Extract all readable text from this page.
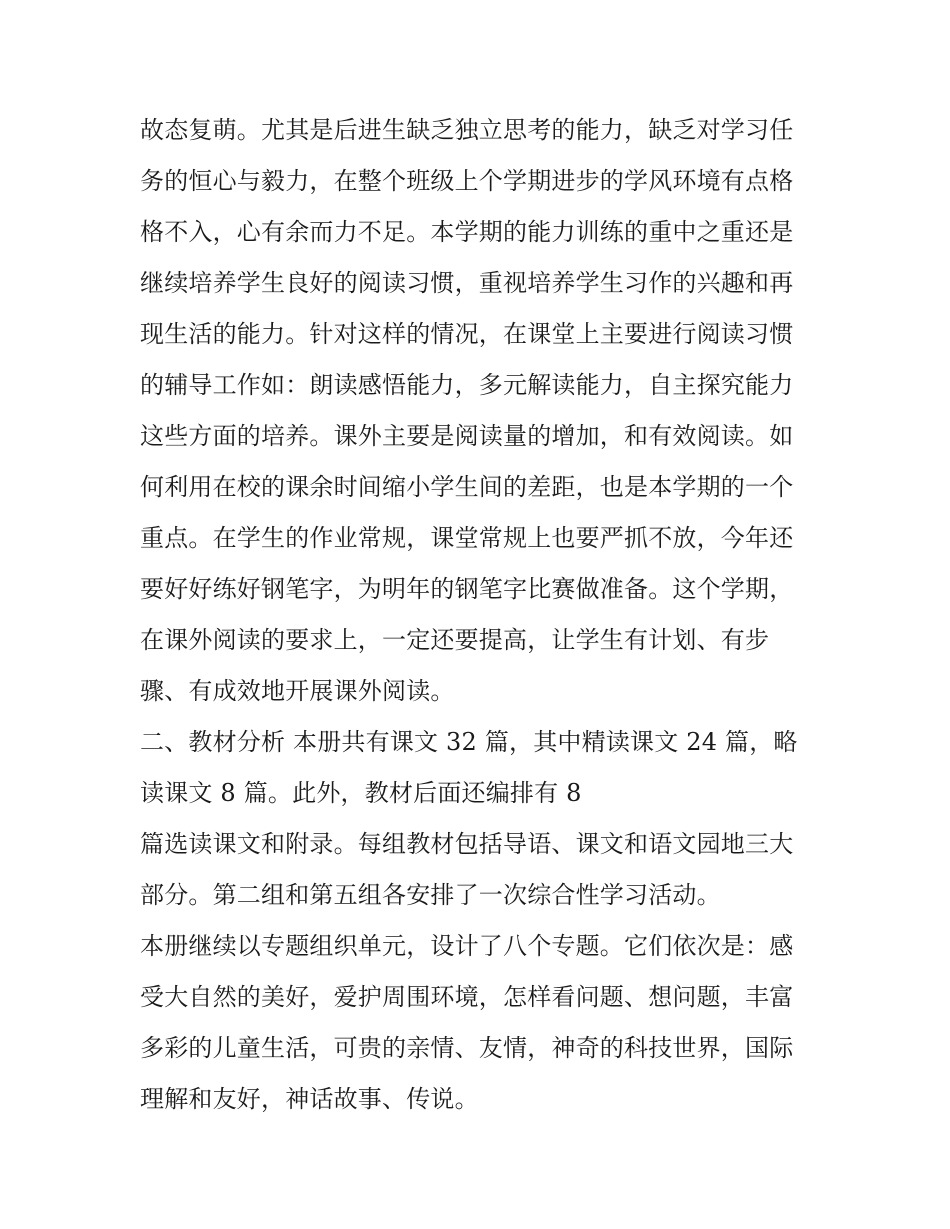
故态复萌。尤其是后进生缺乏独立思考的能力，缺乏对学习任
务的恒心与毅力，在整个班级上个学期进步的学风环境有点格
格不入，心有余而力不足。本学期的能力训练的重中之重还是
继续培养学生良好的阅读习惯，重视培养学生习作的兴趣和再
现生活的能力。针对这样的情况，在课堂上主要进行阅读习惯
的辅导工作如：朗读感悟能力，多元解读能力，自主探究能力
这些方面的培养。课外主要是阅读量的增加，和有效阅读。如
何利用在校的课余时间缩小学生间的差距，也是本学期的一个
重点。在学生的作业常规，课堂常规上也要严抓不放，今年还
要好好练好钢笔字，为明年的钢笔字比赛做准备。这个学期，
在课外阅读的要求上，一定还要提高，让学生有计划、有步
骤、有成效地开展课外阅读。
二、教材分析 本册共有课文 32 篇，其中精读课文 24 篇，略
读课文 8 篇。此外，教材后面还编排有 8
篇选读课文和附录。每组教材包括导语、课文和语文园地三大
部分。第二组和第五组各安排了一次综合性学习活动。
本册继续以专题组织单元，设计了八个专题。它们依次是：感
受大自然的美好，爱护周围环境，怎样看问题、想问题，丰富
多彩的儿童生活，可贵的亲情、友情，神奇的科技世界，国际
理解和友好，神话故事、传说。
